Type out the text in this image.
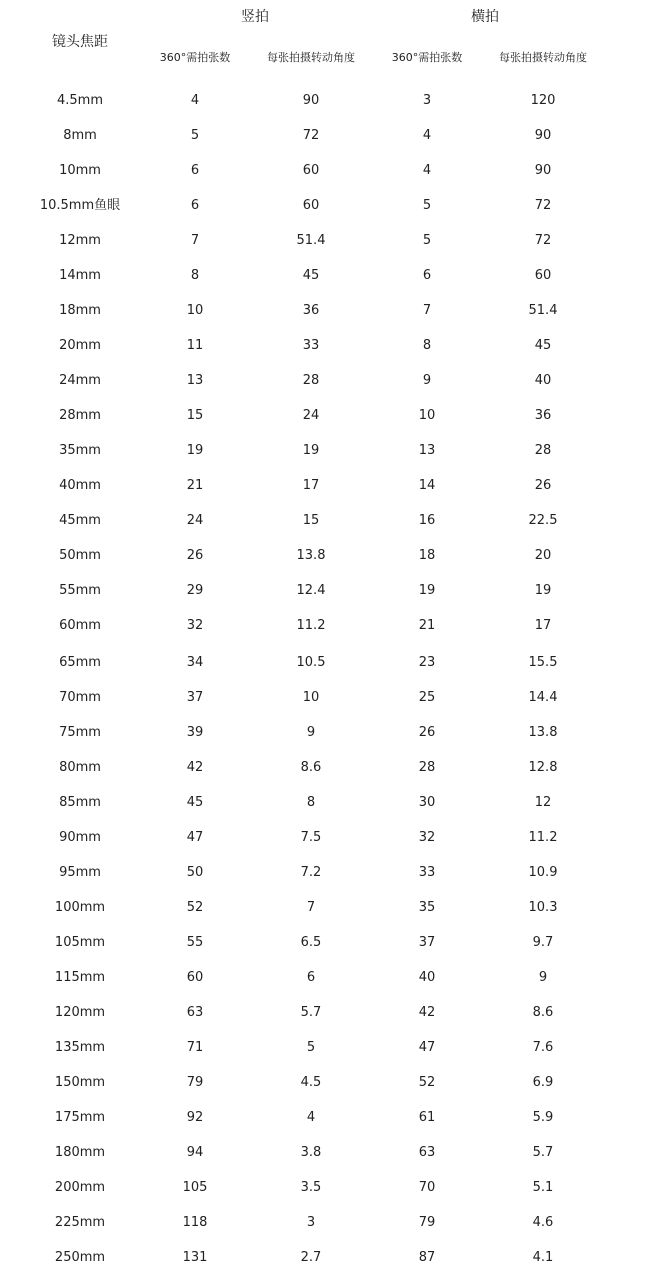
镜头焦距
竖拍	横拍
360°需拍张数	每张拍摄转动角度	360°需拍张数	每张拍摄转动角度
4.5mm	4	90	3	120
8mm	5	72	4	90
10mm	6	60	4	90
10.5mm鱼眼	6	60	5	72
12mm	7	51.4	5	72
14mm	8	45	6	60
18mm	10	36	7	51.4
20mm	11	33	8	45
24mm	13	28	9	40
28mm	15	24	10	36
35mm	19	19	13	28
40mm	21	17	14	26
45mm	24	15	16	22.5
50mm	26	13.8	18	20
55mm	29	12.4	19	19
60mm	32	11.2	21	17
65mm	34	10.5	23	15.5
70mm	37	10	25	14.4
75mm	39	9	26	13.8
80mm	42	8.6	28	12.8
85mm	45	8	30	12
90mm	47	7.5	32	11.2
95mm	50	7.2	33	10.9
100mm	52	7	35	10.3
105mm	55	6.5	37	9.7
115mm	60	6	40	9
120mm	63	5.7	42	8.6
135mm	71	5	47	7.6
150mm	79	4.5	52	6.9
175mm	92	4	61	5.9
180mm	94	3.8	63	5.7
200mm	105	3.5	70	5.1
225mm	118	3	79	4.6
250mm	131	2.7	87	4.1
